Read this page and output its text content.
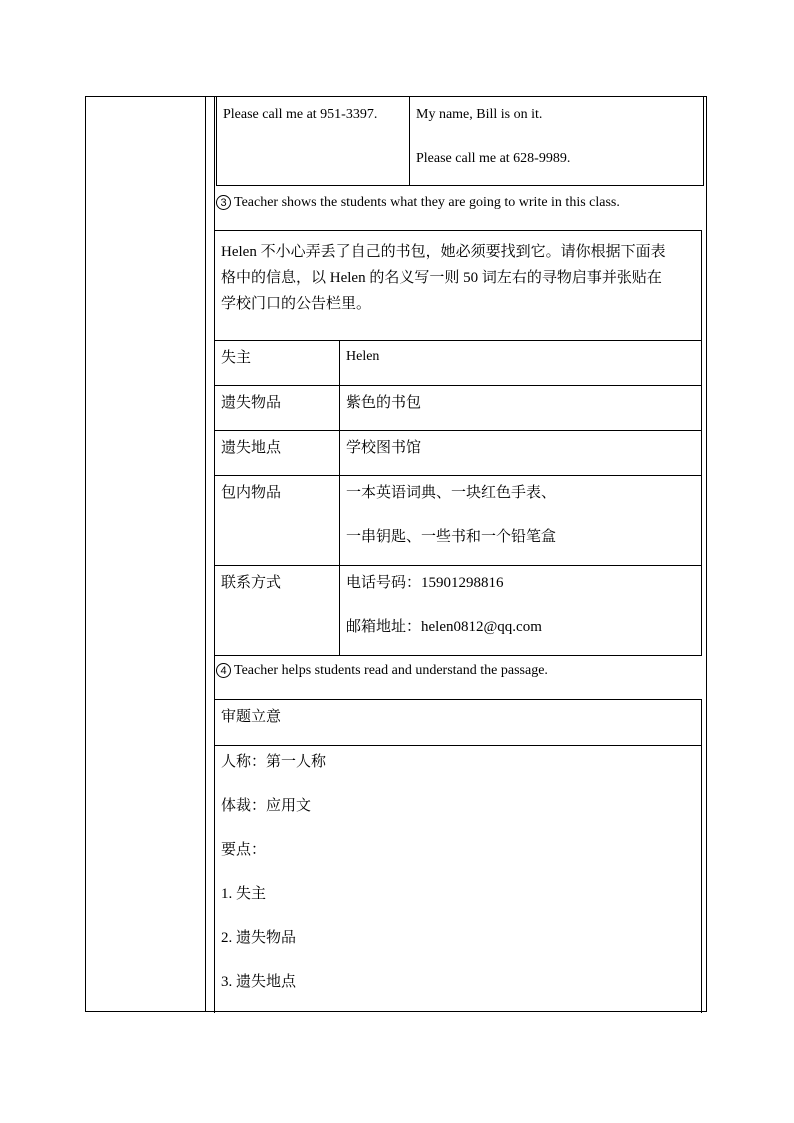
Please call me at 951-3397.	My name, Bill is on it.
Please call me at 628-9989.
3 Teacher shows the students what they are going to write in this class.
Helen 不小心弄丢了自己的书包，她必须要找到它。请你根据下面表
格中的信息，以 Helen 的名义写一则 50 词左右的寻物启事并张贴在
学校门口的公告栏里。	

失主	Helen
遗失物品	紫色的书包
遗失地点	学校图书馆
包内物品	一本英语词典、一块红色手表、
一串钥匙、一些书和一个铅笔盒

联系方式	电话号码：15901298816
邮箱地址：helen0812@qq.com
4 Teacher helps students read and understand the passage.
审题立意

人称：第一人称
体裁：应用文
要点：
1. 失主
2. 遗失物品
3. 遗失地点
